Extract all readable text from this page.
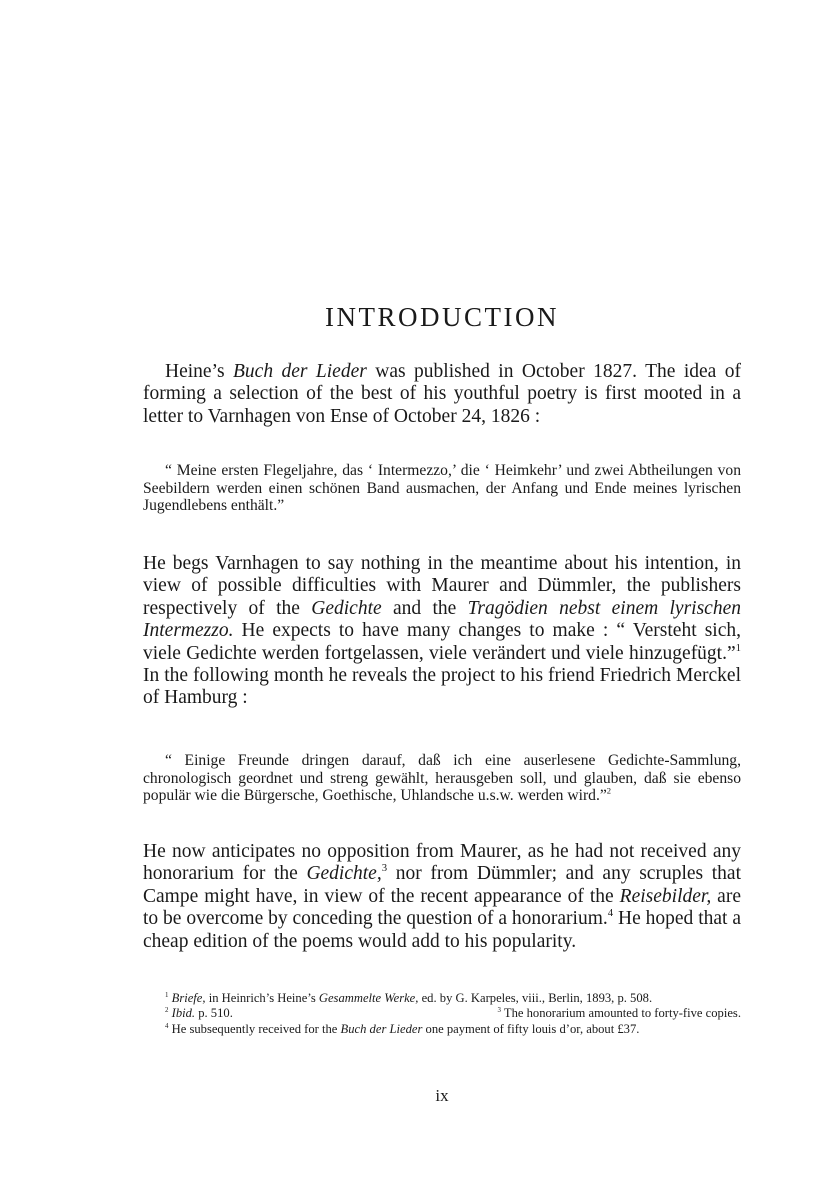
INTRODUCTION

Heine’s Buch der Lieder was published in October 1827. The idea of forming a selection of the best of his youthful poetry is first mooted in a letter to Varnhagen von Ense of October 24, 1826 :

“ Meine ersten Flegeljahre, das ‘ Intermezzo,’ die ‘ Heimkehr’ und zwei Abtheilungen von Seebildern werden einen schönen Band ausmachen, der Anfang und Ende meines lyrischen Jugendlebens enthält.”

He begs Varnhagen to say nothing in the meantime about his intention, in view of possible difficulties with Maurer and Dümmler, the publishers respectively of the Gedichte and the Tragödien nebst einem lyrischen Intermezzo. He expects to have many changes to make : “ Versteht sich, viele Gedichte werden fortgelassen, viele verändert und viele hinzugefügt.”$^1$ In the following month he reveals the project to his friend Friedrich Merckel of Hamburg :

“ Einige Freunde dringen darauf, daß ich eine auserlesene Gedichte-Sammlung, chronologisch geordnet und streng gewählt, herausgeben soll, und glauben, daß sie ebenso populär wie die Bürgersche, Goethische, Uhlandsche u.s.w. werden wird.”$^2$

He now anticipates no opposition from Maurer, as he had not received any honorarium for the Gedichte,$^3$ nor from Dümmler; and any scruples that Campe might have, in view of the recent appearance of the Reisebilder, are to be overcome by conceding the question of a honorarium.$^4$ He hoped that a cheap edition of the poems would add to his popularity.

$^1$ Briefe, in Heinrich’s Heine’s Gesammelte Werke, ed. by G. Karpeles, viii., Berlin, 1893, p. 508.

$^2$ Ibid. p. 510.	$^3$ The honorarium amounted to forty-five copies.

$^4$ He subsequently received for the Buch der Lieder one payment of fifty louis d’or, about £37.

ix
